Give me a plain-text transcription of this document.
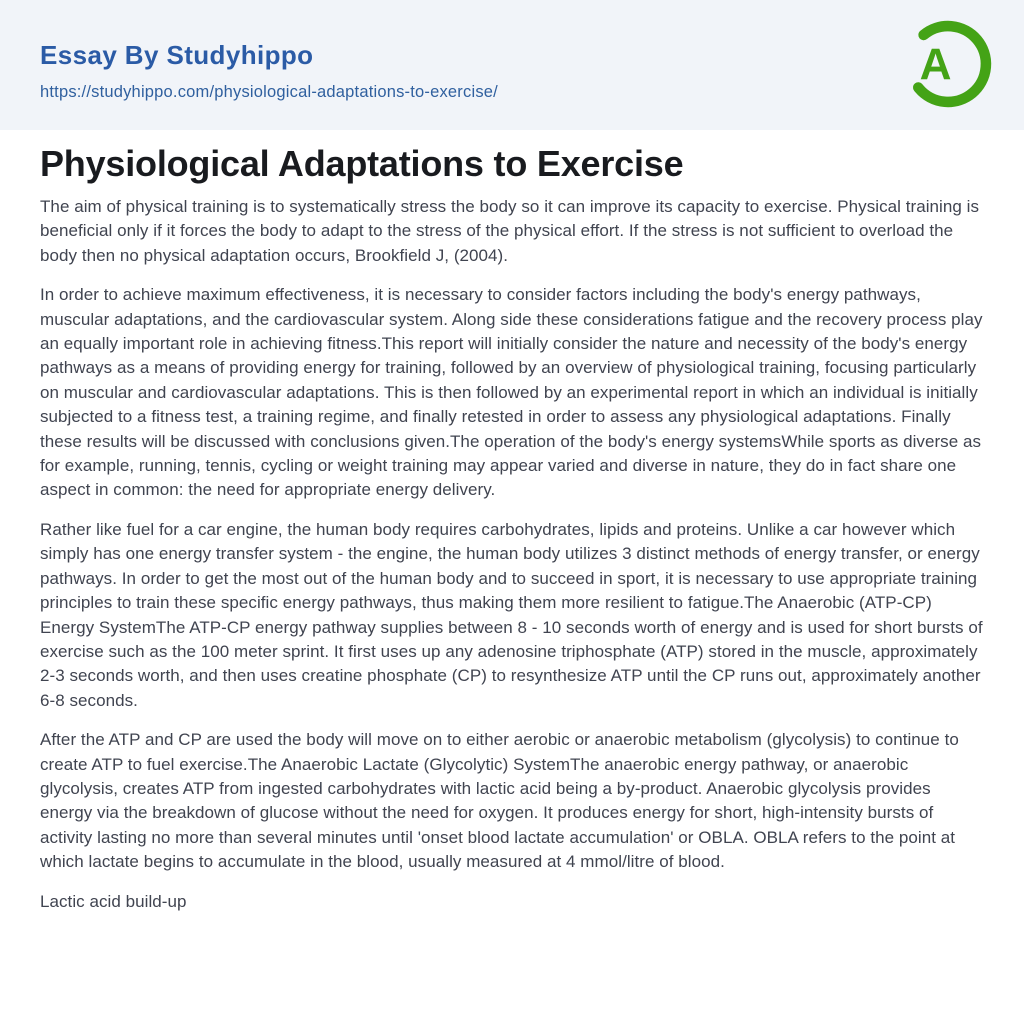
Essay By Studyhippo
https://studyhippo.com/physiological-adaptations-to-exercise/
A
Physiological Adaptations to Exercise

The aim of physical training is to systematically stress the body so it can improve its capacity to exercise. Physical training is beneficial only if it forces the body to adapt to the stress of the physical effort. If the stress is not sufficient to overload the body then no physical adaptation occurs, Brookfield J, (2004).

In order to achieve maximum effectiveness, it is necessary to consider factors including the body's energy pathways, muscular adaptations, and the cardiovascular system. Along side these considerations fatigue and the recovery process play an equally important role in achieving fitness.This report will initially consider the nature and necessity of the body's energy pathways as a means of providing energy for training, followed by an overview of physiological training, focusing particularly on muscular and cardiovascular adaptations. This is then followed by an experimental report in which an individual is initially subjected to a fitness test, a training regime, and finally retested in order to assess any physiological adaptations. Finally these results will be discussed with conclusions given.The operation of the body's energy systemsWhile sports as diverse as for example, running, tennis, cycling or weight training may appear varied and diverse in nature, they do in fact share one aspect in common: the need for appropriate energy delivery.

Rather like fuel for a car engine, the human body requires carbohydrates, lipids and proteins. Unlike a car however which simply has one energy transfer system - the engine, the human body utilizes 3 distinct methods of energy transfer, or energy pathways. In order to get the most out of the human body and to succeed in sport, it is necessary to use appropriate training principles to train these specific energy pathways, thus making them more resilient to fatigue.The Anaerobic (ATP-CP) Energy SystemThe ATP-CP energy pathway supplies between 8 - 10 seconds worth of energy and is used for short bursts of exercise such as the 100 meter sprint. It first uses up any adenosine triphosphate (ATP) stored in the muscle, approximately 2-3 seconds worth, and then uses creatine phosphate (CP) to resynthesize ATP until the CP runs out, approximately another 6-8 seconds.

After the ATP and CP are used the body will move on to either aerobic or anaerobic metabolism (glycolysis) to continue to create ATP to fuel exercise.The Anaerobic Lactate (Glycolytic) SystemThe anaerobic energy pathway, or anaerobic glycolysis, creates ATP from ingested carbohydrates with lactic acid being a by-product. Anaerobic glycolysis provides energy via the breakdown of glucose without the need for oxygen. It produces energy for short, high-intensity bursts of activity lasting no more than several minutes until 'onset blood lactate accumulation' or OBLA. OBLA refers to the point at which lactate begins to accumulate in the blood, usually measured at 4 mmol/litre of blood.

Lactic acid build-up
